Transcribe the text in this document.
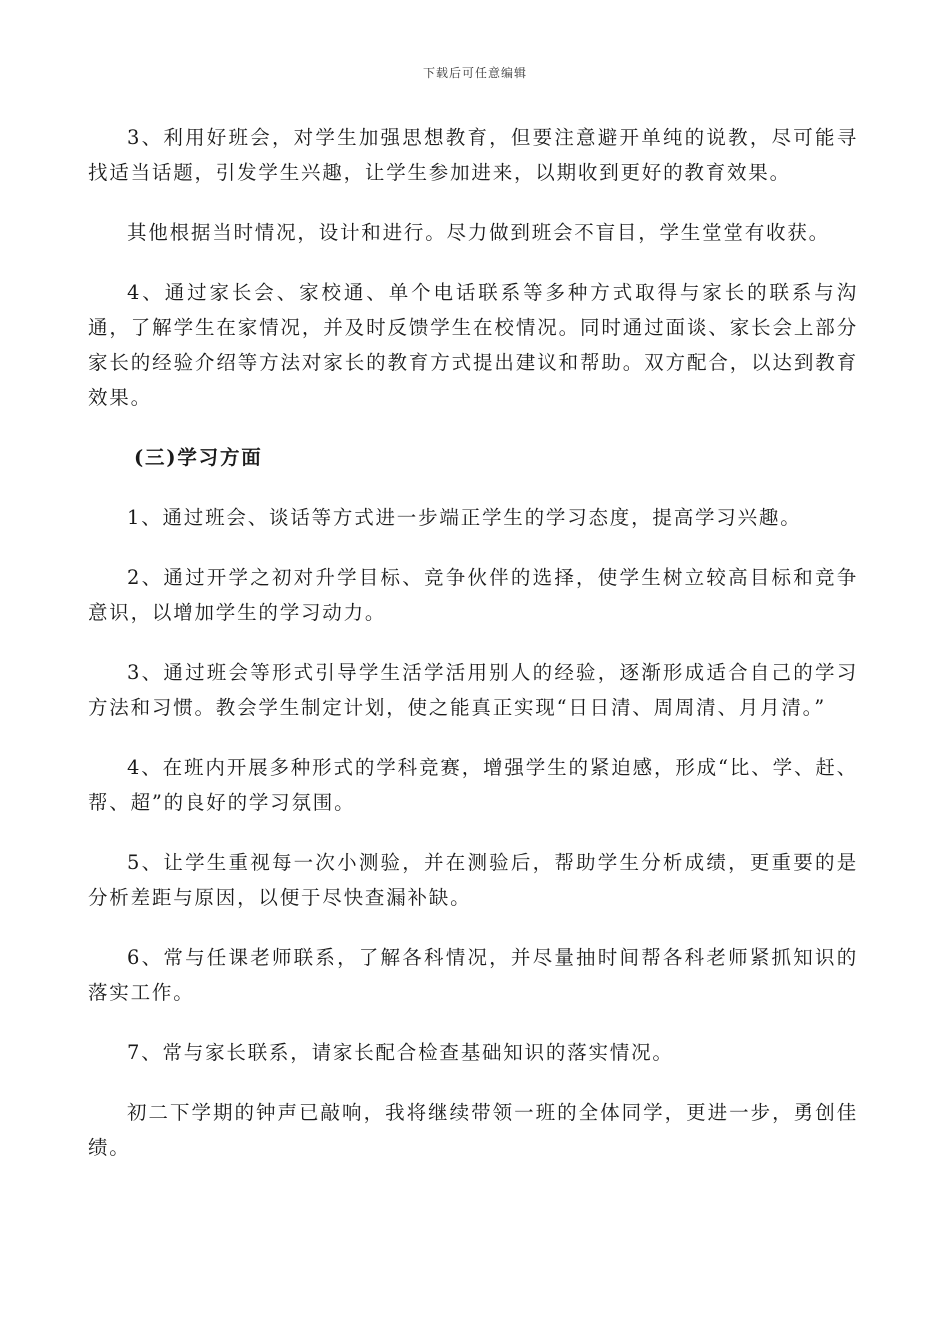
下载后可任意编辑

3、利用好班会，对学生加强思想教育，但要注意避开单纯的说教，尽可能寻找适当话题，引发学生兴趣，让学生参加进来，以期收到更好的教育效果。

其他根据当时情况，设计和进行。尽力做到班会不盲目，学生堂堂有收获。

4、通过家长会、家校通、单个电话联系等多种方式取得与家长的联系与沟通，了解学生在家情况，并及时反馈学生在校情况。同时通过面谈、家长会上部分家长的经验介绍等方法对家长的教育方式提出建议和帮助。双方配合，以达到教育效果。

(三)学习方面

1、通过班会、谈话等方式进一步端正学生的学习态度，提高学习兴趣。

2、通过开学之初对升学目标、竞争伙伴的选择，使学生树立较高目标和竞争意识，以增加学生的学习动力。

3、通过班会等形式引导学生活学活用别人的经验，逐渐形成适合自己的学习方法和习惯。教会学生制定计划，使之能真正实现“日日清、周周清、月月清。”

4、在班内开展多种形式的学科竞赛，增强学生的紧迫感，形成“比、学、赶、帮、超”的良好的学习氛围。

5、让学生重视每一次小测验，并在测验后，帮助学生分析成绩，更重要的是分析差距与原因，以便于尽快查漏补缺。

6、常与任课老师联系，了解各科情况，并尽量抽时间帮各科老师紧抓知识的落实工作。

7、常与家长联系，请家长配合检查基础知识的落实情况。

初二下学期的钟声已敲响，我将继续带领一班的全体同学，更进一步，勇创佳绩。
